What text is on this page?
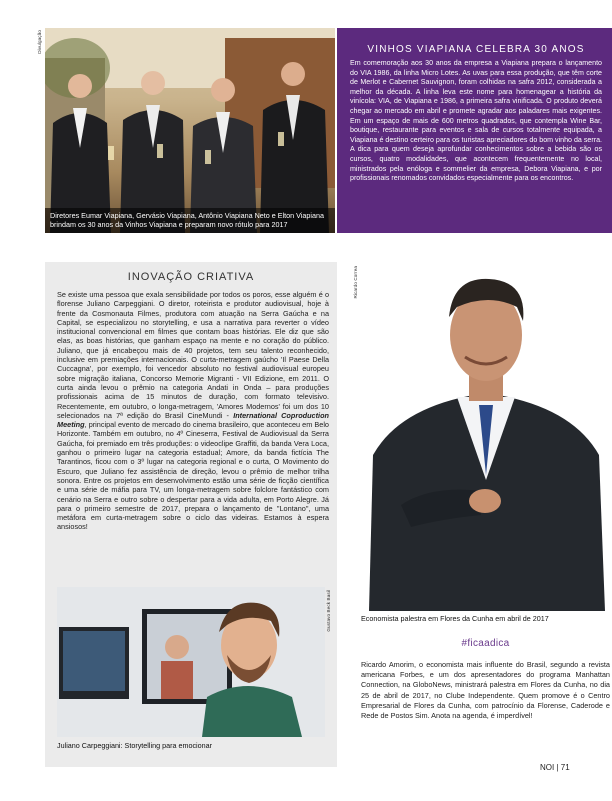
Divulgação
Diretores Eumar Viapiana, Gervásio Viapiana, Antônio Viapiana Neto e Elton Viapiana brindam os 30 anos da Vinhos Viapiana e preparam novo rótulo para 2017
VINHOS VIAPIANA CELEBRA 30 ANOS
Em comemoração aos 30 anos da empresa a Viapiana prepara o lançamento do VIA 1986, da linha Micro Lotes. As uvas para essa produção, que têm corte de Merlot e Cabernet Sauvignon, foram colhidas na safra 2012, considerada a melhor da década. A linha leva este nome para homenagear a história da vinícola: VIA, de Viapiana e 1986, a primeira safra vinificada. O produto deverá chegar ao mercado em abril e promete agradar aos paladares mais exigentes. Em um espaço de mais de 600 metros quadrados, que contempla Wine Bar, boutique, restaurante para eventos e sala de cursos totalmente equipada, a Viapiana é destino certeiro para os turistas apreciadores do bom vinho da serra. A dica para quem deseja aprofundar conhecimentos sobre a bebida são os cursos, quatro modalidades, que acontecem frequentemente no local, ministrados pela enóloga e sommelier da empresa, Debora Viapiana, e por profissionais renomados convidados especialmente para os encontros.
INOVAÇÃO CRIATIVA
Se existe uma pessoa que exala sensibilidade por todos os poros, esse alguém é o florense Juliano Carpeggiani. O diretor, roteirista e produtor audiovisual, hoje à frente da Cosmonauta Filmes, produtora com atuação na Serra Gaúcha e na Capital, se especializou no storytelling, e usa a narrativa para reverter o vídeo institucional convencional em filmes que contam boas histórias. Ele diz que são elas, as boas histórias, que ganham espaço na mente e no coração do público. Juliano, que já encabeçou mais de 40 projetos, tem seu talento reconhecido, inclusive em premiações internacionais. O curta-metragem gaúcho 'Il Paese Della Cuccagna', por exemplo, foi vencedor absoluto no festival audiovisual europeu sobre migração italiana, Concorso Memorie Migranti - VII Edizione, em 2011. O curta ainda levou o prêmio na categoria Andati in Onda – para produções profissionais acima de 15 minutos de duração, com formato televisivo. Recentemente, em outubro, o longa-metragem, 'Amores Modernos' foi um dos 10 selecionados na 7ª edição do Brasil CineMundi - International Coproduction Meeting, principal evento de mercado do cinema brasileiro, que aconteceu em Belo Horizonte. Também em outubro, no 4º Cineserra, Festival de Audiovisual da Serra Gaúcha, foi premiado em três produções: o videoclipe Graffiti, da banda Vera Loca, ganhou o primeiro lugar na categoria estadual; Amore, da banda fictícia The Tarantinos, ficou com o 3º lugar na categoria regional e o curta, O Movimento do Escuro, que Juliano fez assistência de direção, levou o prêmio de melhor trilha sonora. Entre os projetos em desenvolvimento estão uma série de ficção científica e uma série de máfia para TV, um longa-metragem sobre folclore fantástico com cenário na Serra e outro sobre o despertar para a vida adulta, em Porto Alegre. Já para o primeiro semestre de 2017, prepara o lançamento de "Lontano", uma metáfora em curta-metragem sobre o ciclo das videiras. Estamos à espera ansiosos!
Gustavo Beck Basil
Juliano Carpeggiani: Storytelling para emocionar
Ricardo Correa
Economista palestra em Flores da Cunha em abril de 2017
#ficaadica
Ricardo Amorim, o economista mais influente do Brasil, segundo a revista americana Forbes, e um dos apresentadores do programa Manhattan Connection, na GloboNews, ministrará palestra em Flores da Cunha, no dia 25 de abril de 2017, no Clube Independente. Quem promove é o Centro Empresarial de Flores da Cunha, com patrocínio da Florense, Caderode e Rede de Postos Sim. Anota na agenda, é imperdível!
NOI | 71
